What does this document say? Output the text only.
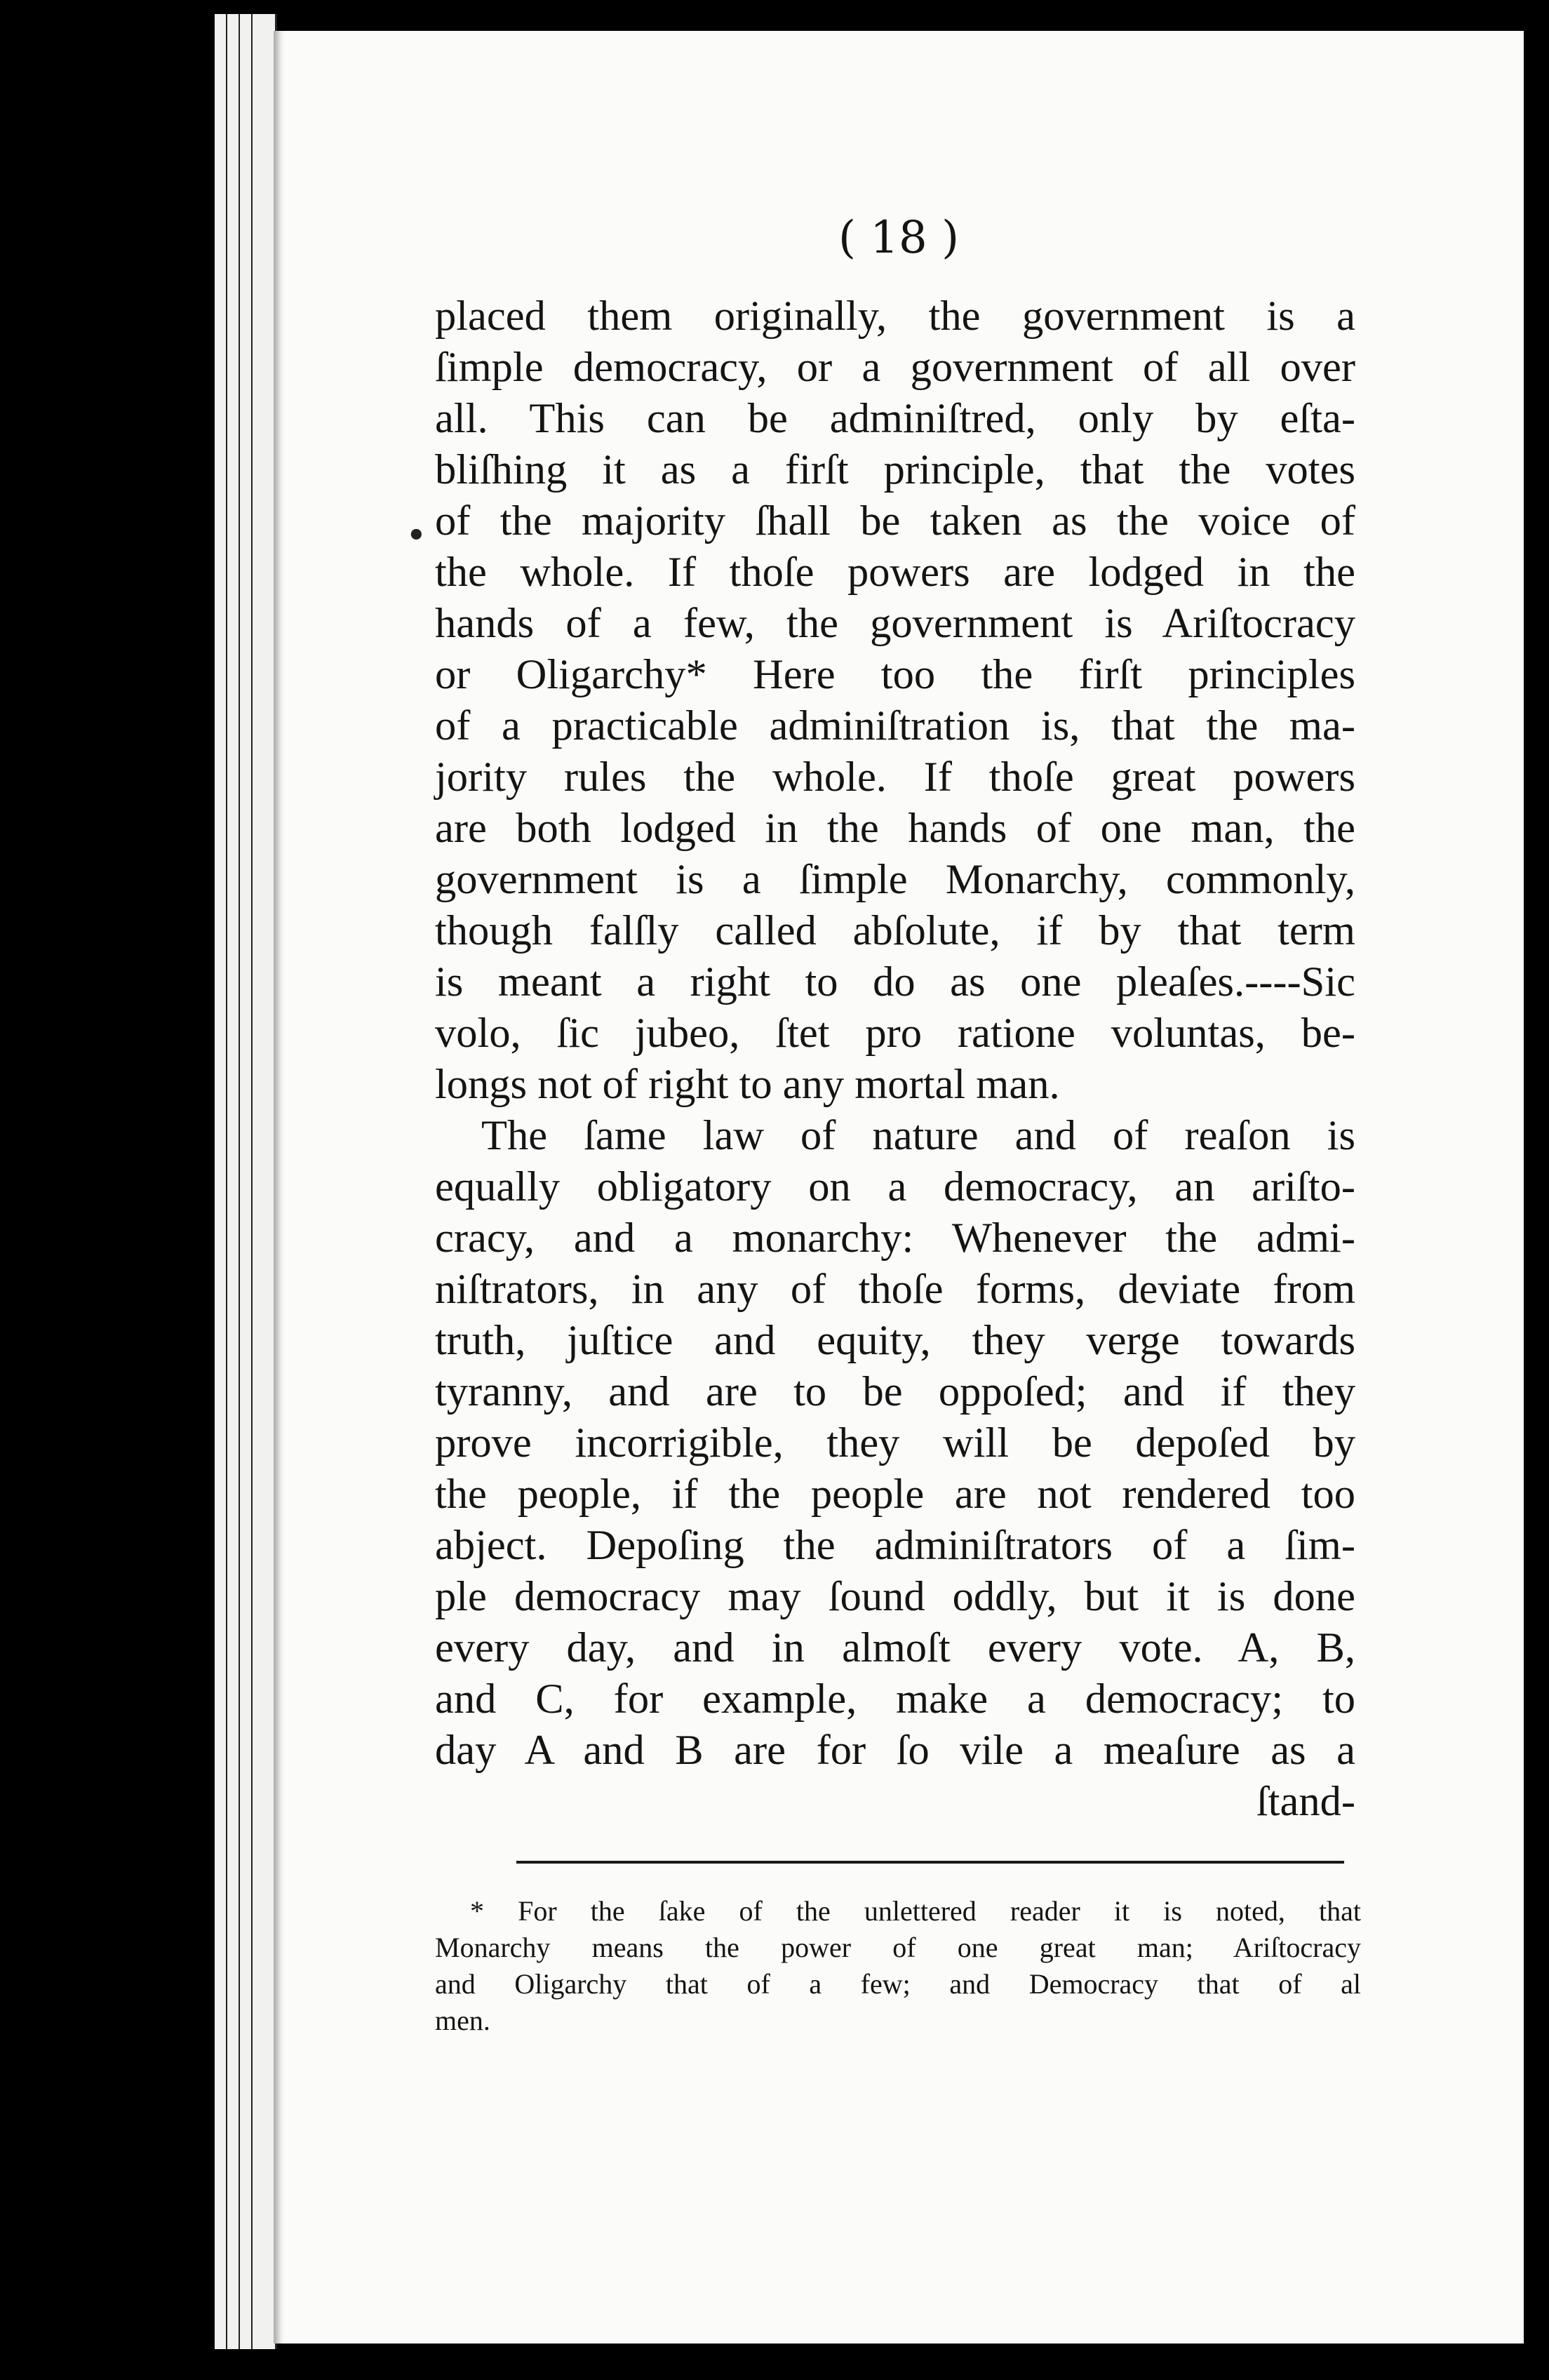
( 18 )
placed them originally, the government is a
ſimple democracy, or a government of all over
all. This can be adminiſtred, only by eſta-
bliſhing it as a firſt principle, that the votes
of the majority ſhall be taken as the voice of
the whole. If thoſe powers are lodged in the
hands of a few, the government is Ariſtocracy
or Oligarchy* Here too the firſt principles
of a practicable adminiſtration is, that the ma-
jority rules the whole. If thoſe great powers
are both lodged in the hands of one man, the
government is a ſimple Monarchy, commonly,
though falſly called abſolute, if by that term
is meant a right to do as one pleaſes.----Sic
volo, ſic jubeo, ſtet pro ratione voluntas, be-
longs not of right to any mortal man.
The ſame law of nature and of reaſon is
equally obligatory on a democracy, an ariſto-
cracy, and a monarchy: Whenever the admi-
niſtrators, in any of thoſe forms, deviate from
truth, juſtice and equity, they verge towards
tyranny, and are to be oppoſed; and if they
prove incorrigible, they will be depoſed by
the people, if the people are not rendered too
abject. Depoſing the adminiſtrators of a ſim-
ple democracy may ſound oddly, but it is done
every day, and in almoſt every vote. A, B,
and C, for example, make a democracy; to
day A and B are for ſo vile a meaſure as a
ſtand-
•
* For the ſake of the unlettered reader it is noted, that
Monarchy means the power of one great man; Ariſtocracy
and Oligarchy that of a few; and Democracy that of al
men.
